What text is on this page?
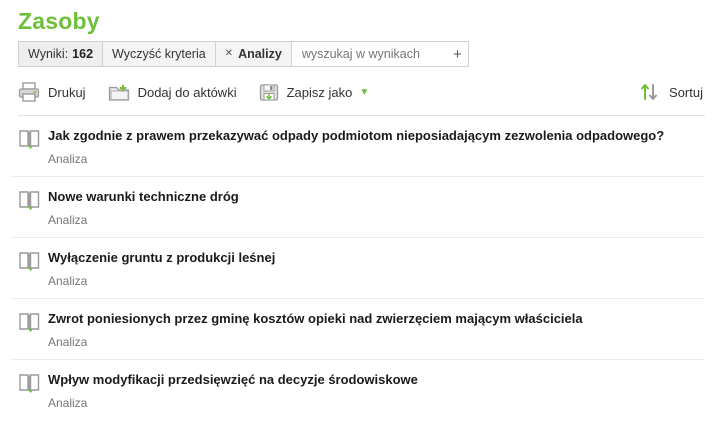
Zasoby
Wyniki: 162 Wyczyść kryteria ✕ Analizy
wyszukaj w wynikach	+
Drukuj	Dodaj do aktówki	Zapisz jako ▼	Sortuj
Jak zgodnie z prawem przekazywać odpady podmiotom nieposiadającym zezwolenia odpadowego?
Analiza
Nowe warunki techniczne dróg
Analiza
Wyłączenie gruntu z produkcji leśnej
Analiza
Zwrot poniesionych przez gminę kosztów opieki nad zwierzęciem mającym właściciela
Analiza
Wpływ modyfikacji przedsięwzięć na decyzje środowiskowe
Analiza
